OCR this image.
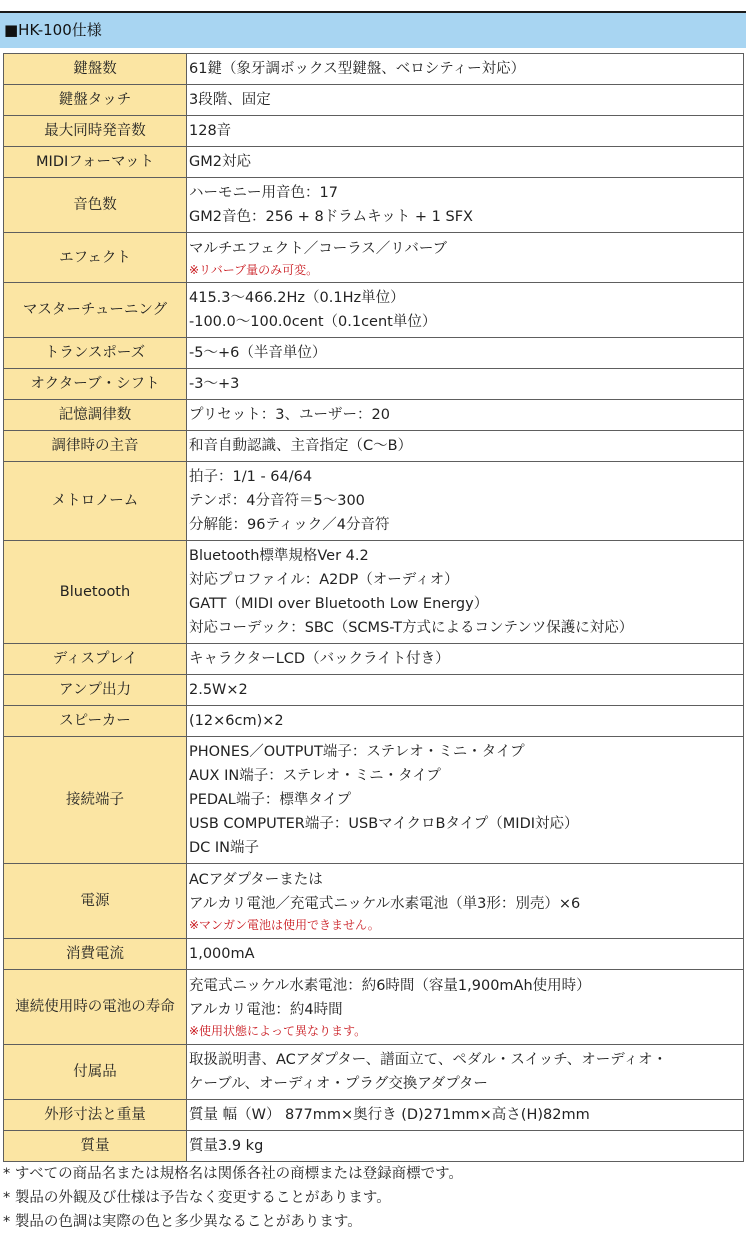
■HK-100仕様
鍵盤数	61鍵（象牙調ボックス型鍵盤、ベロシティー対応）

鍵盤タッチ	3段階、固定

最大同時発音数	128音

MIDIフォーマット	GM2対応

音色数	ハーモニー用音色：17
GM2音色：256 + 8ドラムキット + 1 SFX

エフェクト	マルチエフェクト／コーラス／リバーブ
※リバーブ量のみ可変。

マスターチューニング	415.3～466.2Hz（0.1Hz単位）
-100.0～100.0cent（0.1cent単位）

トランスポーズ	-5～+6（半音単位）

オクターブ・シフト	-3～+3

記憶調律数	プリセット：3、ユーザー：20

調律時の主音	和音自動認識、主音指定（C～B）

メトロノーム	拍子：1/1 - 64/64
テンポ：4分音符＝5～300
分解能：96ティック／4分音符

Bluetooth	Bluetooth標準規格Ver 4.2
対応プロファイル：A2DP（オーディオ）
GATT（MIDI over Bluetooth Low Energy）
対応コーデック：SBC（SCMS-T方式によるコンテンツ保護に対応）

ディスプレイ	キャラクターLCD（バックライト付き）

アンプ出力	2.5W×2

スピーカー	(12×6cm)×2

接続端子	PHONES／OUTPUT端子：ステレオ・ミニ・タイプ
AUX IN端子：ステレオ・ミニ・タイプ
PEDAL端子：標準タイプ
USB COMPUTER端子：USBマイクロBタイプ（MIDI対応）
DC IN端子

電源	ACアダプターまたは
アルカリ電池／充電式ニッケル水素電池（単3形：別売）×6
※マンガン電池は使用できません。

消費電流	1,000mA

連続使用時の電池の寿命	充電式ニッケル水素電池：約6時間（容量1,900mAh使用時）
アルカリ電池：約4時間
※使用状態によって異なります。

付属品	取扱説明書、ACアダプター、譜面立て、ペダル・スイッチ、オーディオ・
ケーブル、オーディオ・プラグ交換アダプター

外形寸法と重量	質量 幅（W） 877mm×奥行き (D)271mm×高さ(H)82mm

質量	質量3.9 kg
* すべての商品名または規格名は関係各社の商標または登録商標です。
* 製品の外観及び仕様は予告なく変更することがあります。
* 製品の色調は実際の色と多少異なることがあります。
